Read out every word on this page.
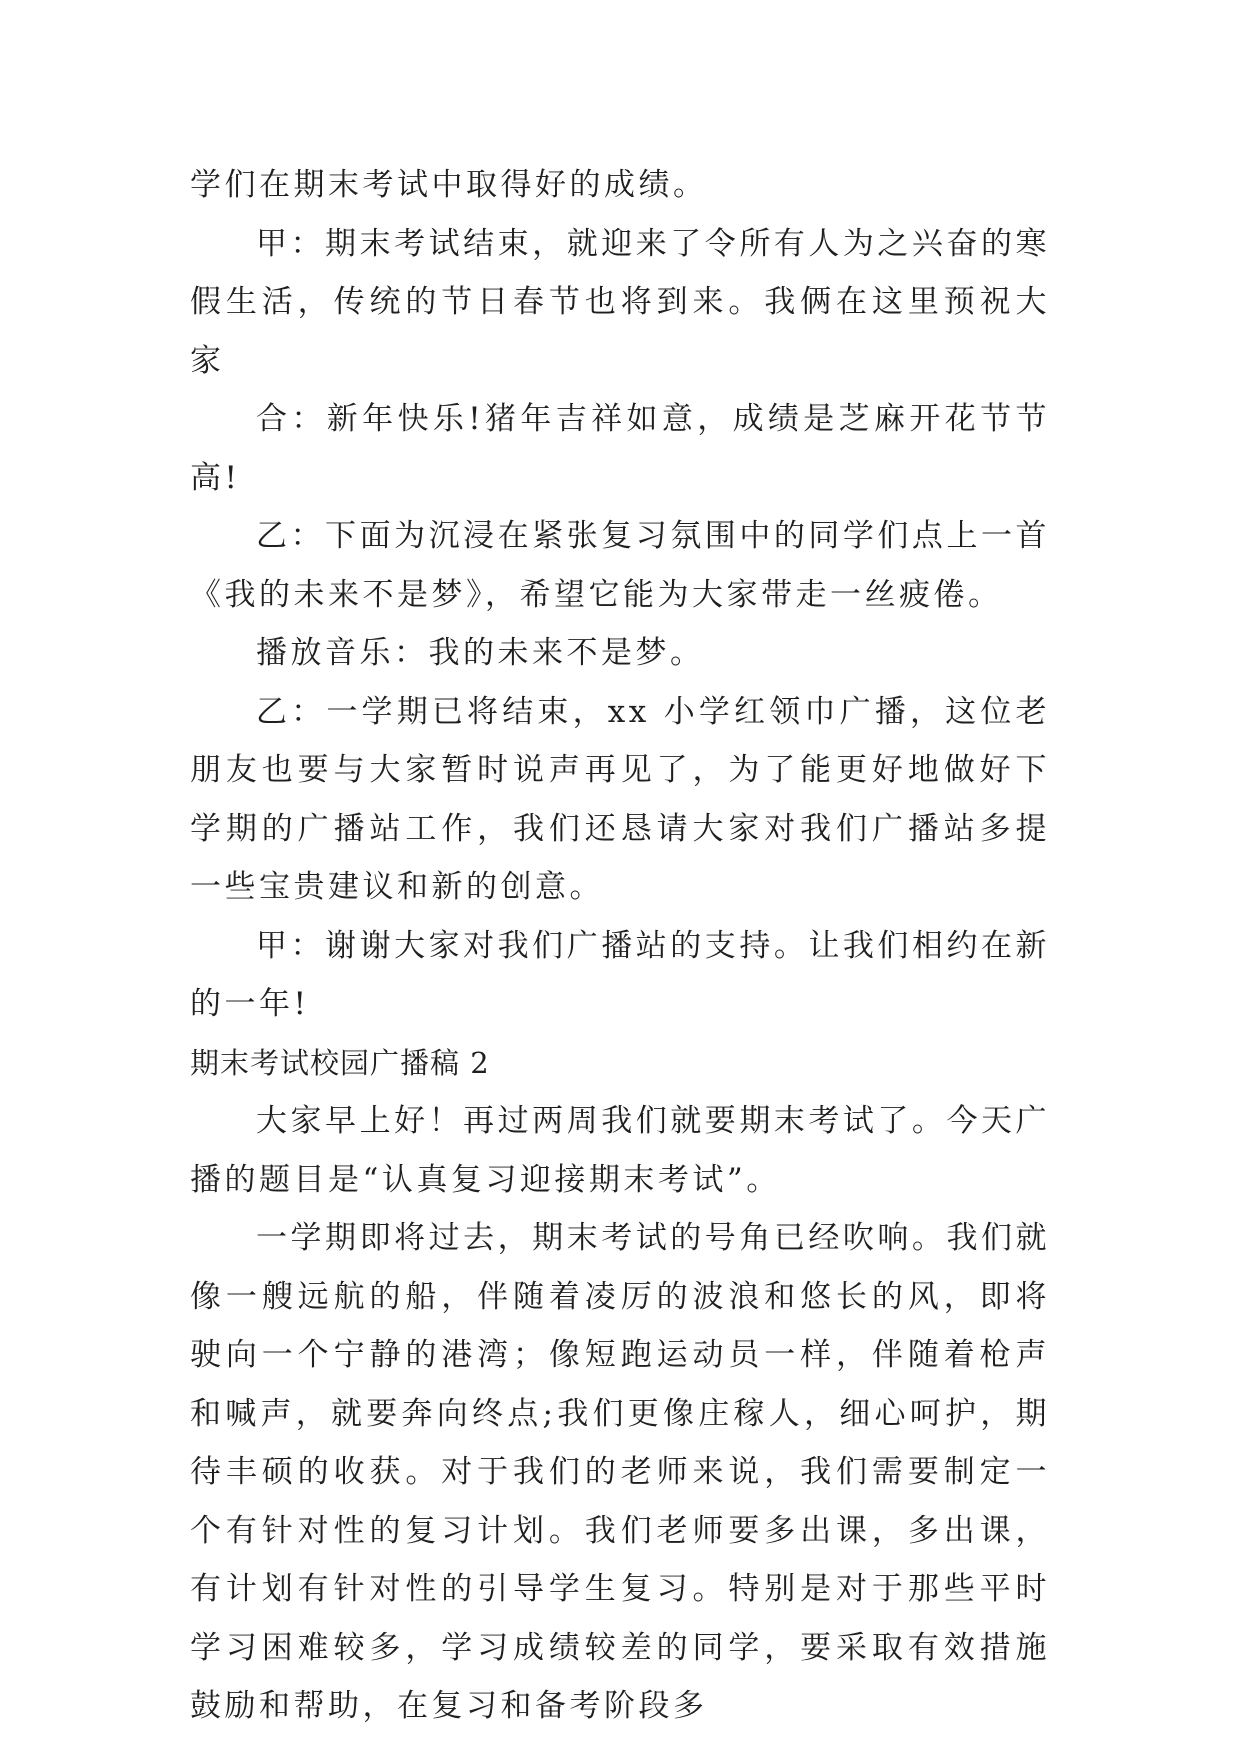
学们在期末考试中取得好的成绩。

甲：期末考试结束，就迎来了令所有人为之兴奋的寒假生活，传统的节日春节也将到来。我俩在这里预祝大家

合：新年快乐!猪年吉祥如意，成绩是芝麻开花节节高!

乙：下面为沉浸在紧张复习氛围中的同学们点上一首《我的未来不是梦》，希望它能为大家带走一丝疲倦。

播放音乐：我的未来不是梦。

乙：一学期已将结束，xx 小学红领巾广播，这位老朋友也要与大家暂时说声再见了，为了能更好地做好下学期的广播站工作，我们还恳请大家对我们广播站多提一些宝贵建议和新的创意。

甲：谢谢大家对我们广播站的支持。让我们相约在新的一年!

期末考试校园广播稿 2

大家早上好！再过两周我们就要期末考试了。今天广播的题目是“认真复习迎接期末考试”。

一学期即将过去，期末考试的号角已经吹响。我们就像一艘远航的船，伴随着凌厉的波浪和悠长的风，即将驶向一个宁静的港湾；像短跑运动员一样，伴随着枪声和喊声，就要奔向终点;我们更像庄稼人，细心呵护，期待丰硕的收获。对于我们的老师来说，我们需要制定一个有针对性的复习计划。我们老师要多出课，多出课，有计划有针对性的引导学生复习。特别是对于那些平时学习困难较多，学习成绩较差的同学，要采取有效措施鼓励和帮助，在复习和备考阶段多
